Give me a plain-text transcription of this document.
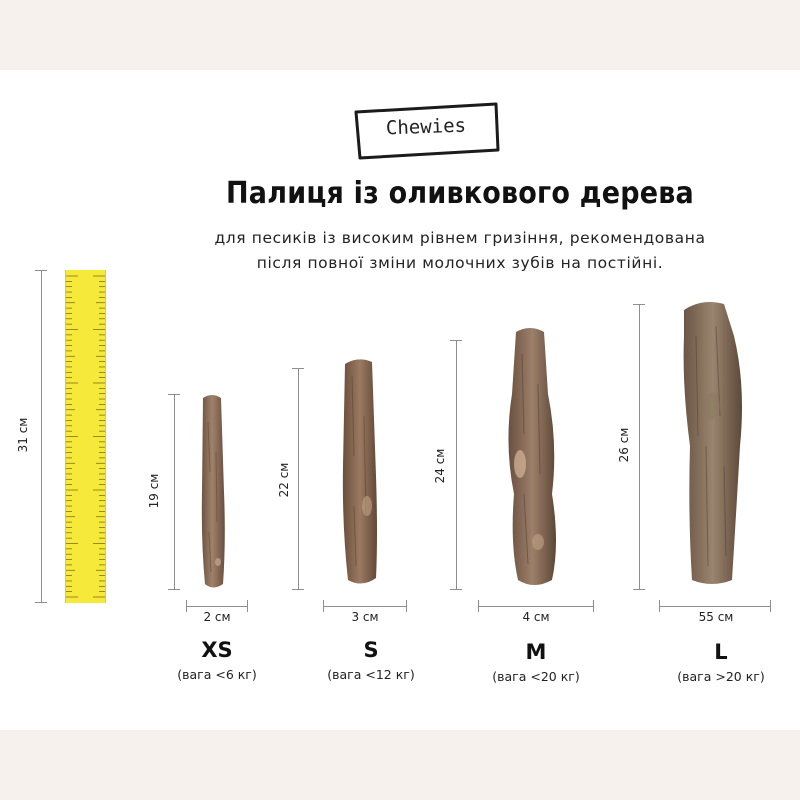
Chewies
Палиця із оливкового дерева
для песиків із високим рівнем гризіння, рекомендована
після повної зміни молочних зубів на постійні.
31 см
19 см
2 см
XS
(вага <6 кг)
22 см
3 см
S
(вага <12 кг)
24 см
4 см
M
(вага <20 кг)
26 см
55 см
L
(вага >20 кг)
